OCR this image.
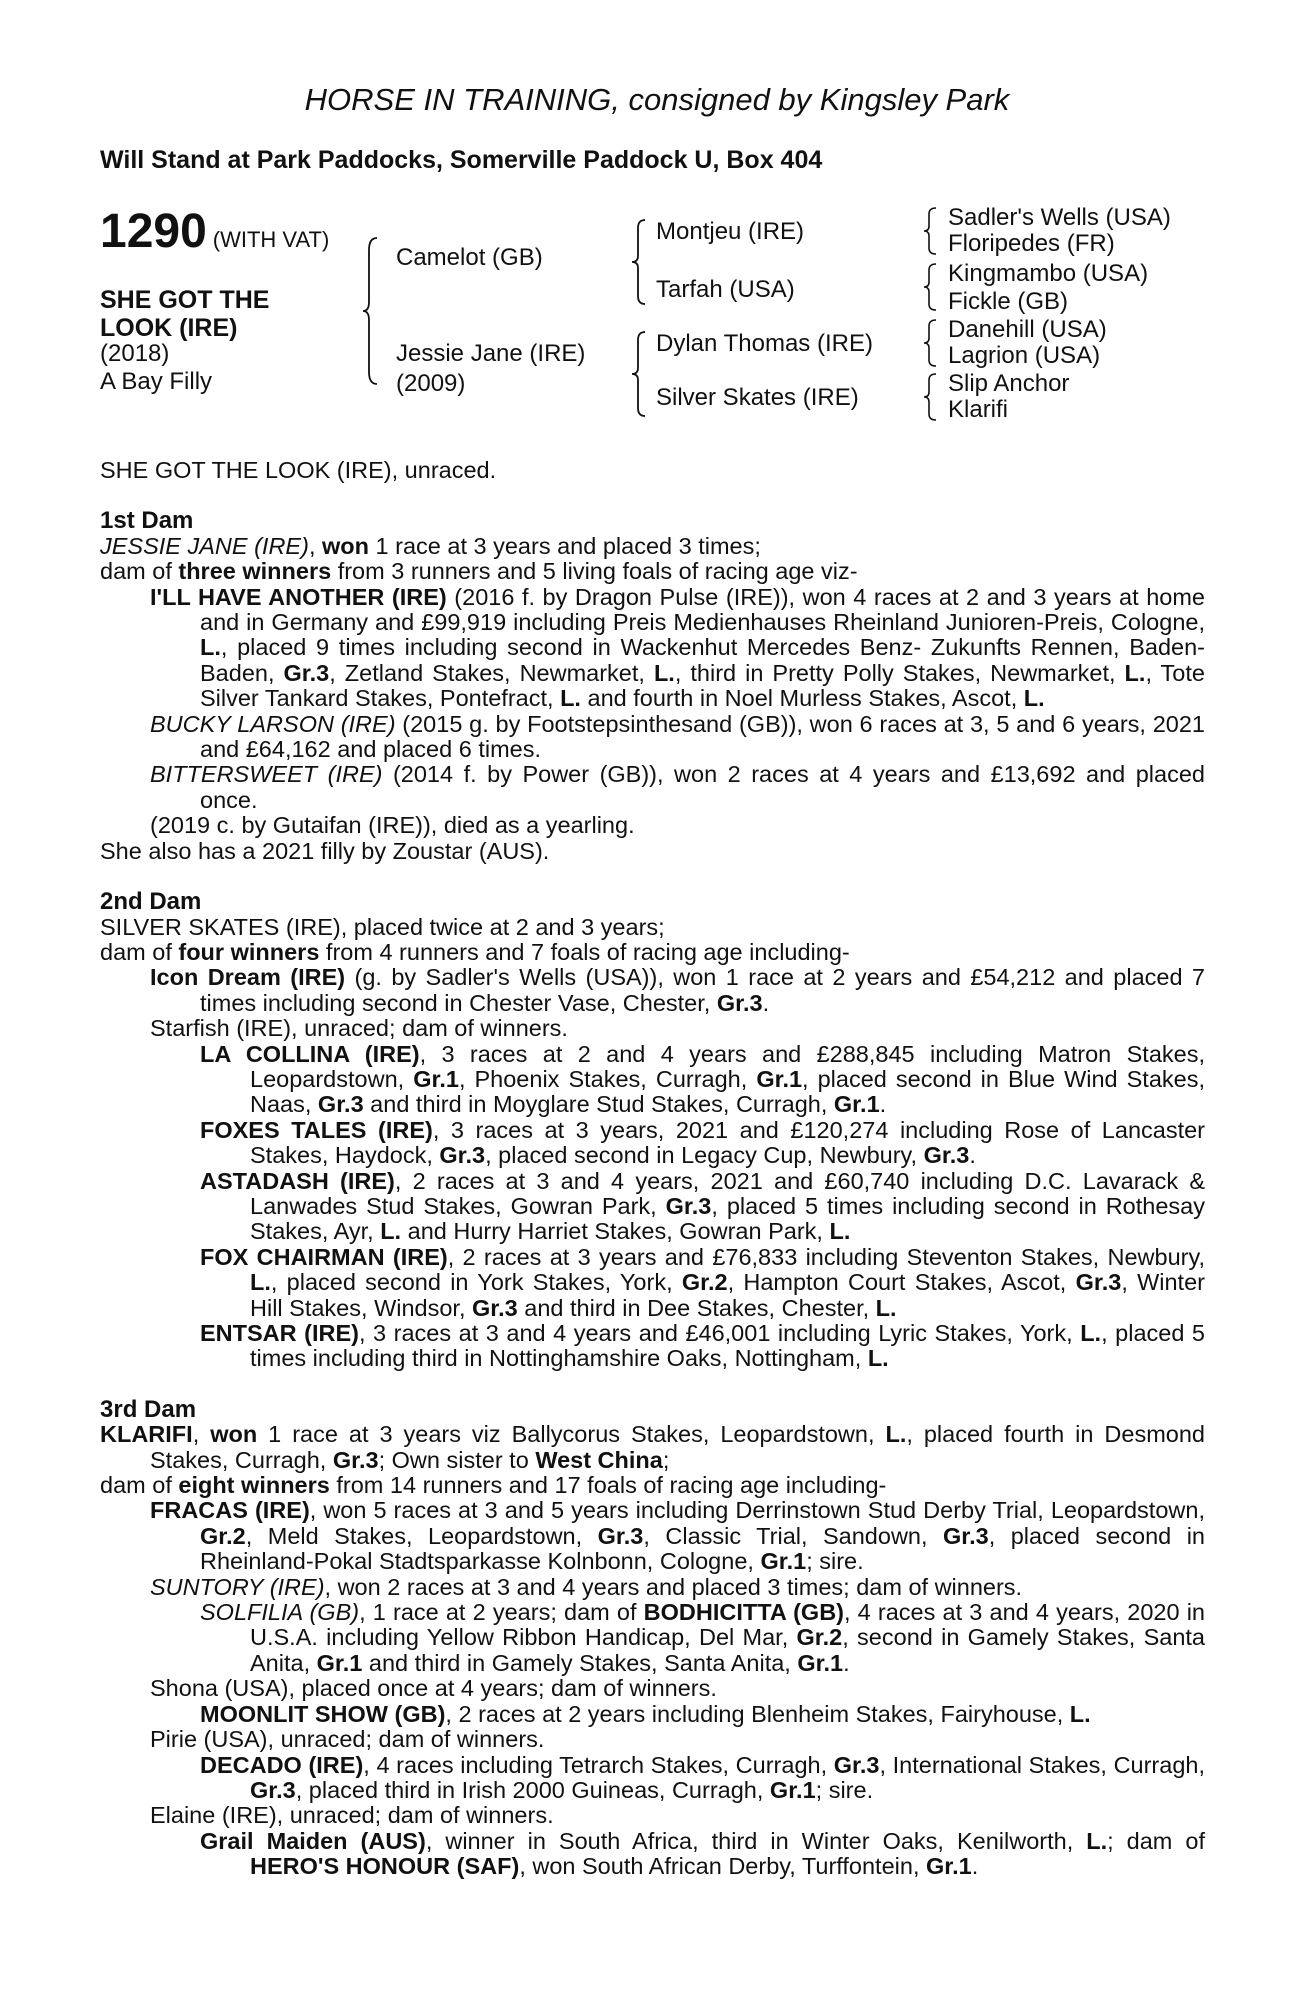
HORSE IN TRAINING, consigned by Kingsley Park
Will Stand at Park Paddocks, Somerville Paddock U, Box 404
1290 (WITH VAT)
SHE GOT THE
LOOK (IRE)
(2018)
A Bay Filly
Camelot (GB)
Jessie Jane (IRE)
(2009)
Montjeu (IRE)
Tarfah (USA)
Dylan Thomas (IRE)
Silver Skates (IRE)
Sadler's Wells (USA)
Floripedes (FR)
Kingmambo (USA)
Fickle (GB)
Danehill (USA)
Lagrion (USA)
Slip Anchor
Klarifi

SHE GOT THE LOOK (IRE), unraced.

1st Dam

JESSIE JANE (IRE), won 1 race at 3 years and placed 3 times;

dam of three winners from 3 runners and 5 living foals of racing age viz-

I'LL HAVE ANOTHER (IRE) (2016 f. by Dragon Pulse (IRE)), won 4 races at 2 and 3 years at home and in Germany and £99,919 including Preis Medienhauses Rheinland Junioren-Preis, Cologne, L., placed 9 times including second in Wackenhut Mercedes Benz- Zukunfts Rennen, Baden-Baden, Gr.3, Zetland Stakes, Newmarket, L., third in Pretty Polly Stakes, Newmarket, L., Tote Silver Tankard Stakes, Pontefract, L. and fourth in Noel Murless Stakes, Ascot, L.

BUCKY LARSON (IRE) (2015 g. by Footstepsinthesand (GB)), won 6 races at 3, 5 and 6 years, 2021 and £64,162 and placed 6 times.

BITTERSWEET (IRE) (2014 f. by Power (GB)), won 2 races at 4 years and £13,692 and placed once.

(2019 c. by Gutaifan (IRE)), died as a yearling.

She also has a 2021 filly by Zoustar (AUS).

2nd Dam

SILVER SKATES (IRE), placed twice at 2 and 3 years;

dam of four winners from 4 runners and 7 foals of racing age including-

Icon Dream (IRE) (g. by Sadler's Wells (USA)), won 1 race at 2 years and £54,212 and placed 7 times including second in Chester Vase, Chester, Gr.3.

Starfish (IRE), unraced; dam of winners.

LA COLLINA (IRE), 3 races at 2 and 4 years and £288,845 including Matron Stakes, Leopardstown, Gr.1, Phoenix Stakes, Curragh, Gr.1, placed second in Blue Wind Stakes, Naas, Gr.3 and third in Moyglare Stud Stakes, Curragh, Gr.1.

FOXES TALES (IRE), 3 races at 3 years, 2021 and £120,274 including Rose of Lancaster Stakes, Haydock, Gr.3, placed second in Legacy Cup, Newbury, Gr.3.

ASTADASH (IRE), 2 races at 3 and 4 years, 2021 and £60,740 including D.C. Lavarack & Lanwades Stud Stakes, Gowran Park, Gr.3, placed 5 times including second in Rothesay Stakes, Ayr, L. and Hurry Harriet Stakes, Gowran Park, L.

FOX CHAIRMAN (IRE), 2 races at 3 years and £76,833 including Steventon Stakes, Newbury, L., placed second in York Stakes, York, Gr.2, Hampton Court Stakes, Ascot, Gr.3, Winter Hill Stakes, Windsor, Gr.3 and third in Dee Stakes, Chester, L.

ENTSAR (IRE), 3 races at 3 and 4 years and £46,001 including Lyric Stakes, York, L., placed 5 times including third in Nottinghamshire Oaks, Nottingham, L.

3rd Dam

KLARIFI, won 1 race at 3 years viz Ballycorus Stakes, Leopardstown, L., placed fourth in Desmond Stakes, Curragh, Gr.3; Own sister to West China;

dam of eight winners from 14 runners and 17 foals of racing age including-

FRACAS (IRE), won 5 races at 3 and 5 years including Derrinstown Stud Derby Trial, Leopardstown, Gr.2, Meld Stakes, Leopardstown, Gr.3, Classic Trial, Sandown, Gr.3, placed second in Rheinland-Pokal Stadtsparkasse Kolnbonn, Cologne, Gr.1; sire.

SUNTORY (IRE), won 2 races at 3 and 4 years and placed 3 times; dam of winners.

SOLFILIA (GB), 1 race at 2 years; dam of BODHICITTA (GB), 4 races at 3 and 4 years, 2020 in U.S.A. including Yellow Ribbon Handicap, Del Mar, Gr.2, second in Gamely Stakes, Santa Anita, Gr.1 and third in Gamely Stakes, Santa Anita, Gr.1.

Shona (USA), placed once at 4 years; dam of winners.

MOONLIT SHOW (GB), 2 races at 2 years including Blenheim Stakes, Fairyhouse, L.

Pirie (USA), unraced; dam of winners.

DECADO (IRE), 4 races including Tetrarch Stakes, Curragh, Gr.3, International Stakes, Curragh, Gr.3, placed third in Irish 2000 Guineas, Curragh, Gr.1; sire.

Elaine (IRE), unraced; dam of winners.

Grail Maiden (AUS), winner in South Africa, third in Winter Oaks, Kenilworth, L.; dam of HERO'S HONOUR (SAF), won South African Derby, Turffontein, Gr.1.
